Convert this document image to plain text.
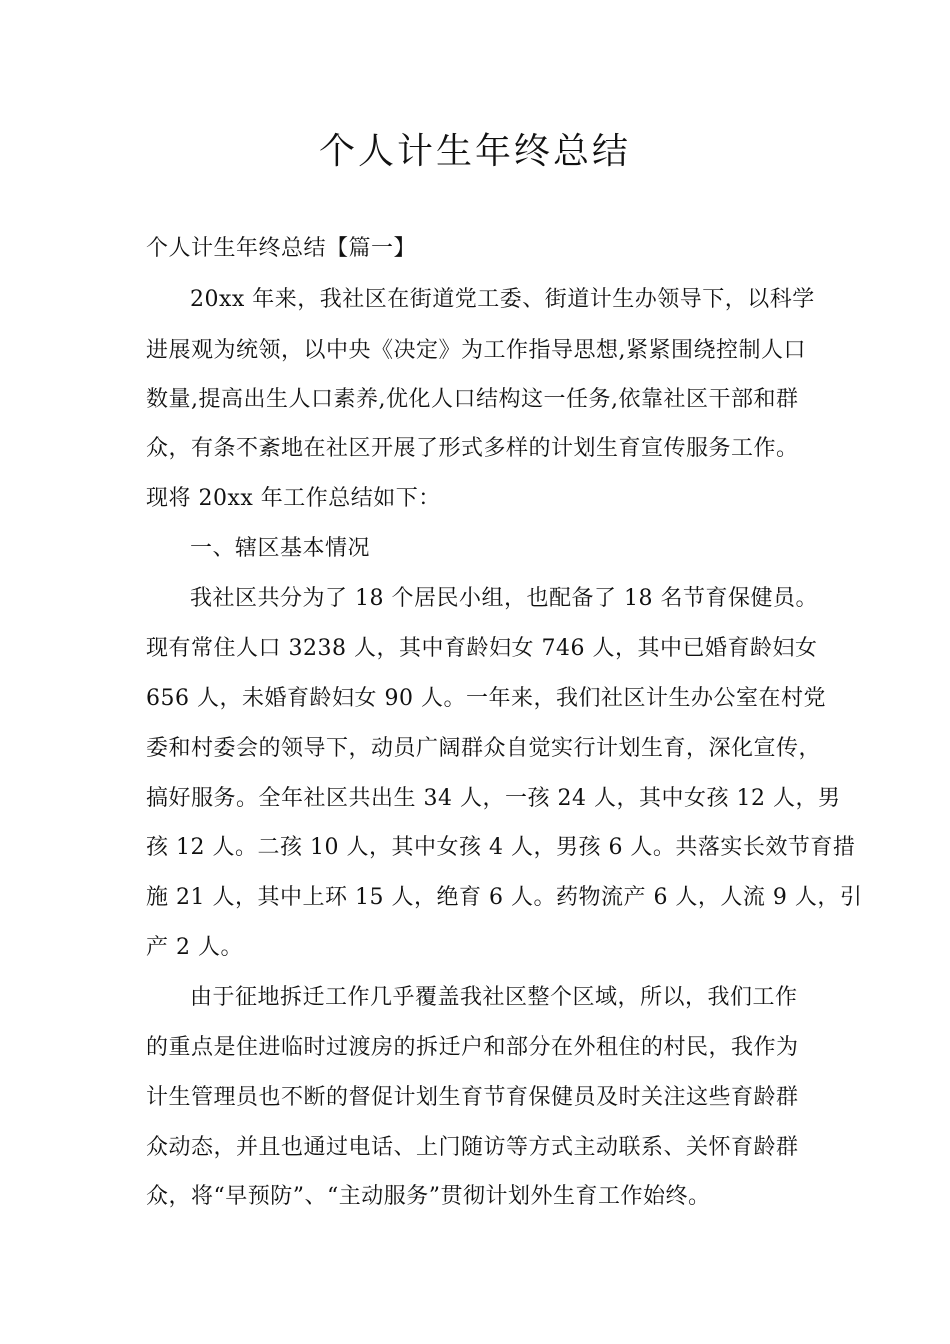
个人计生年终总结
个人计生年终总结【篇一】
20xx 年来，我社区在街道党工委、街道计生办领导下，以科学
进展观为统领，以中央《决定》为工作指导思想,紧紧围绕控制人口
数量,提高出生人口素养,优化人口结构这一任务,依靠社区干部和群
众，有条不紊地在社区开展了形式多样的计划生育宣传服务工作。
现将 20xx 年工作总结如下：
一、辖区基本情况
我社区共分为了 18 个居民小组，也配备了 18 名节育保健员。
现有常住人口 3238 人，其中育龄妇女 746 人，其中已婚育龄妇女
656 人，未婚育龄妇女 90 人。一年来，我们社区计生办公室在村党
委和村委会的领导下，动员广阔群众自觉实行计划生育，深化宣传，
搞好服务。全年社区共出生 34 人，一孩 24 人，其中女孩 12 人，男
孩 12 人。二孩 10 人，其中女孩 4 人，男孩 6 人。共落实长效节育措
施 21 人，其中上环 15 人，绝育 6 人。药物流产 6 人，人流 9 人，引
产 2 人。
由于征地拆迁工作几乎覆盖我社区整个区域，所以，我们工作
的重点是住进临时过渡房的拆迁户和部分在外租住的村民，我作为
计生管理员也不断的督促计划生育节育保健员及时关注这些育龄群
众动态，并且也通过电话、上门随访等方式主动联系、关怀育龄群
众，将“早预防”、“主动服务”贯彻计划外生育工作始终。
